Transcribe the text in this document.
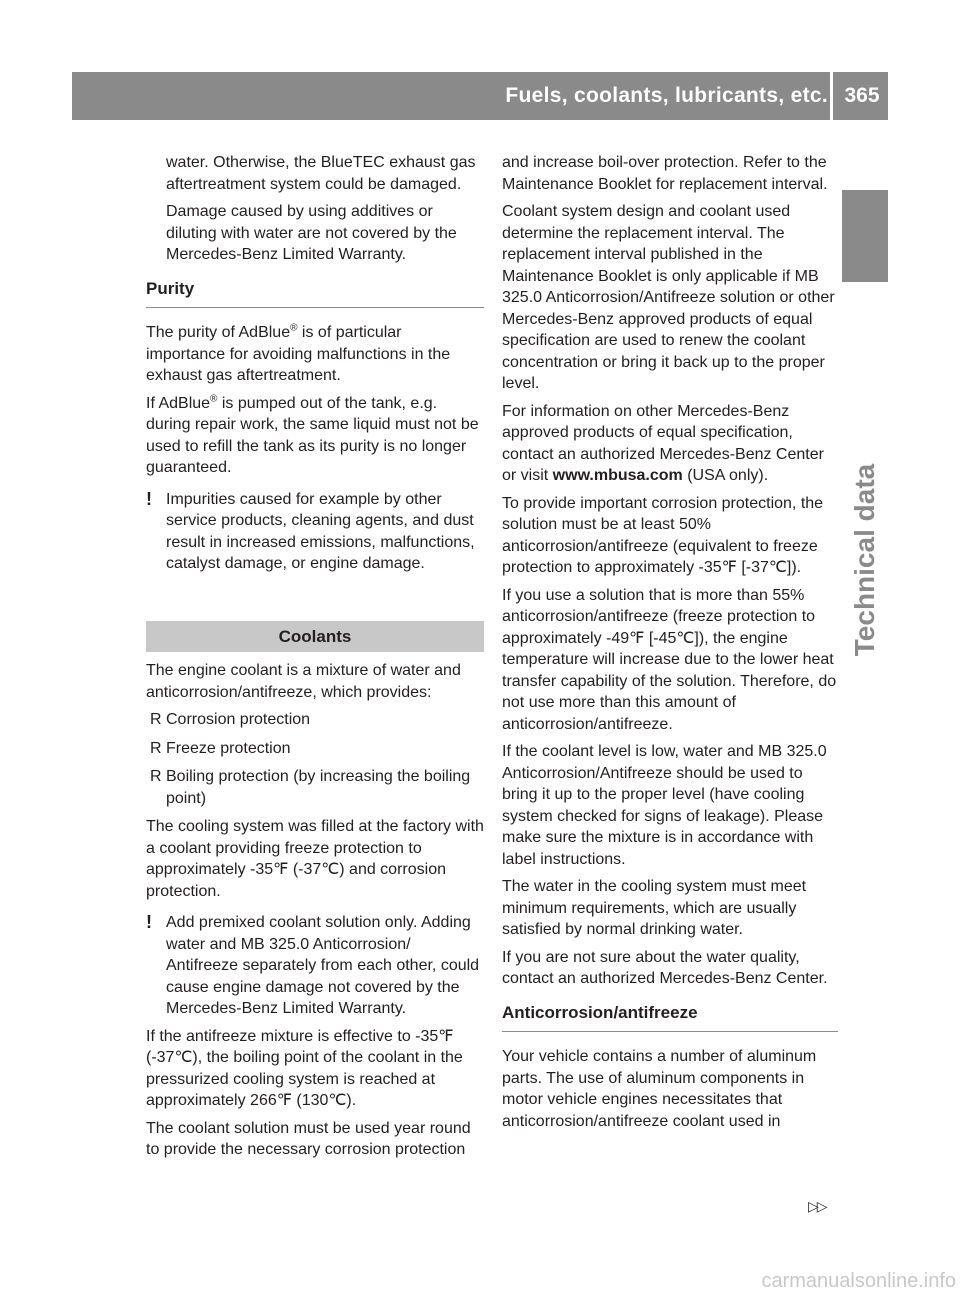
Fuels, coolants, lubricants, etc. 365
Technical data

water. Otherwise, the BlueTEC exhaust gas aftertreatment system could be damaged.

Damage caused by using additives or diluting with water are not covered by the Mercedes-Benz Limited Warranty.

Purity

The purity of AdBlue® is of particular importance for avoiding malfunctions in the exhaust gas aftertreatment.

If AdBlue® is pumped out of the tank, e.g. during repair work, the same liquid must not be used to refill the tank as its purity is no longer guaranteed.

! Impurities caused for example by other service products, cleaning agents, and dust result in increased emissions, malfunctions, catalyst damage, or engine damage.
Coolants

The engine coolant is a mixture of water and anticorrosion/antifreeze, which provides:

R Corrosion protection
R Freeze protection
R Boiling protection (by increasing the boiling point)

The cooling system was filled at the factory with a coolant providing freeze protection to approximately -35℉ (-37℃) and corrosion protection.

! Add premixed coolant solution only. Adding water and MB 325.0 Anticorrosion/ Antifreeze separately from each other, could cause engine damage not covered by the Mercedes-Benz Limited Warranty.

If the antifreeze mixture is effective to -35℉ (-37℃), the boiling point of the coolant in the pressurized cooling system is reached at approximately 266℉ (130℃).

The coolant solution must be used year round to provide the necessary corrosion protection

and increase boil-over protection. Refer to the Maintenance Booklet for replacement interval.

Coolant system design and coolant used determine the replacement interval. The replacement interval published in the Maintenance Booklet is only applicable if MB 325.0 Anticorrosion/Antifreeze solution or other Mercedes-Benz approved products of equal specification are used to renew the coolant concentration or bring it back up to the proper level.

For information on other Mercedes-Benz approved products of equal specification, contact an authorized Mercedes-Benz Center or visit www.mbusa.com (USA only).

To provide important corrosion protection, the solution must be at least 50% anticorrosion/antifreeze (equivalent to freeze protection to approximately -35℉ [-37℃]).

If you use a solution that is more than 55% anticorrosion/antifreeze (freeze protection to approximately -49℉ [-45℃]), the engine temperature will increase due to the lower heat transfer capability of the solution. Therefore, do not use more than this amount of anticorrosion/antifreeze.

If the coolant level is low, water and MB 325.0 Anticorrosion/Antifreeze should be used to bring it up to the proper level (have cooling system checked for signs of leakage). Please make sure the mixture is in accordance with label instructions.

The water in the cooling system must meet minimum requirements, which are usually satisfied by normal drinking water.

If you are not sure about the water quality, contact an authorized Mercedes-Benz Center.

Anticorrosion/antifreeze

Your vehicle contains a number of aluminum parts. The use of aluminum components in motor vehicle engines necessitates that anticorrosion/antifreeze coolant used in

▷▷
carmanualsonline.info
